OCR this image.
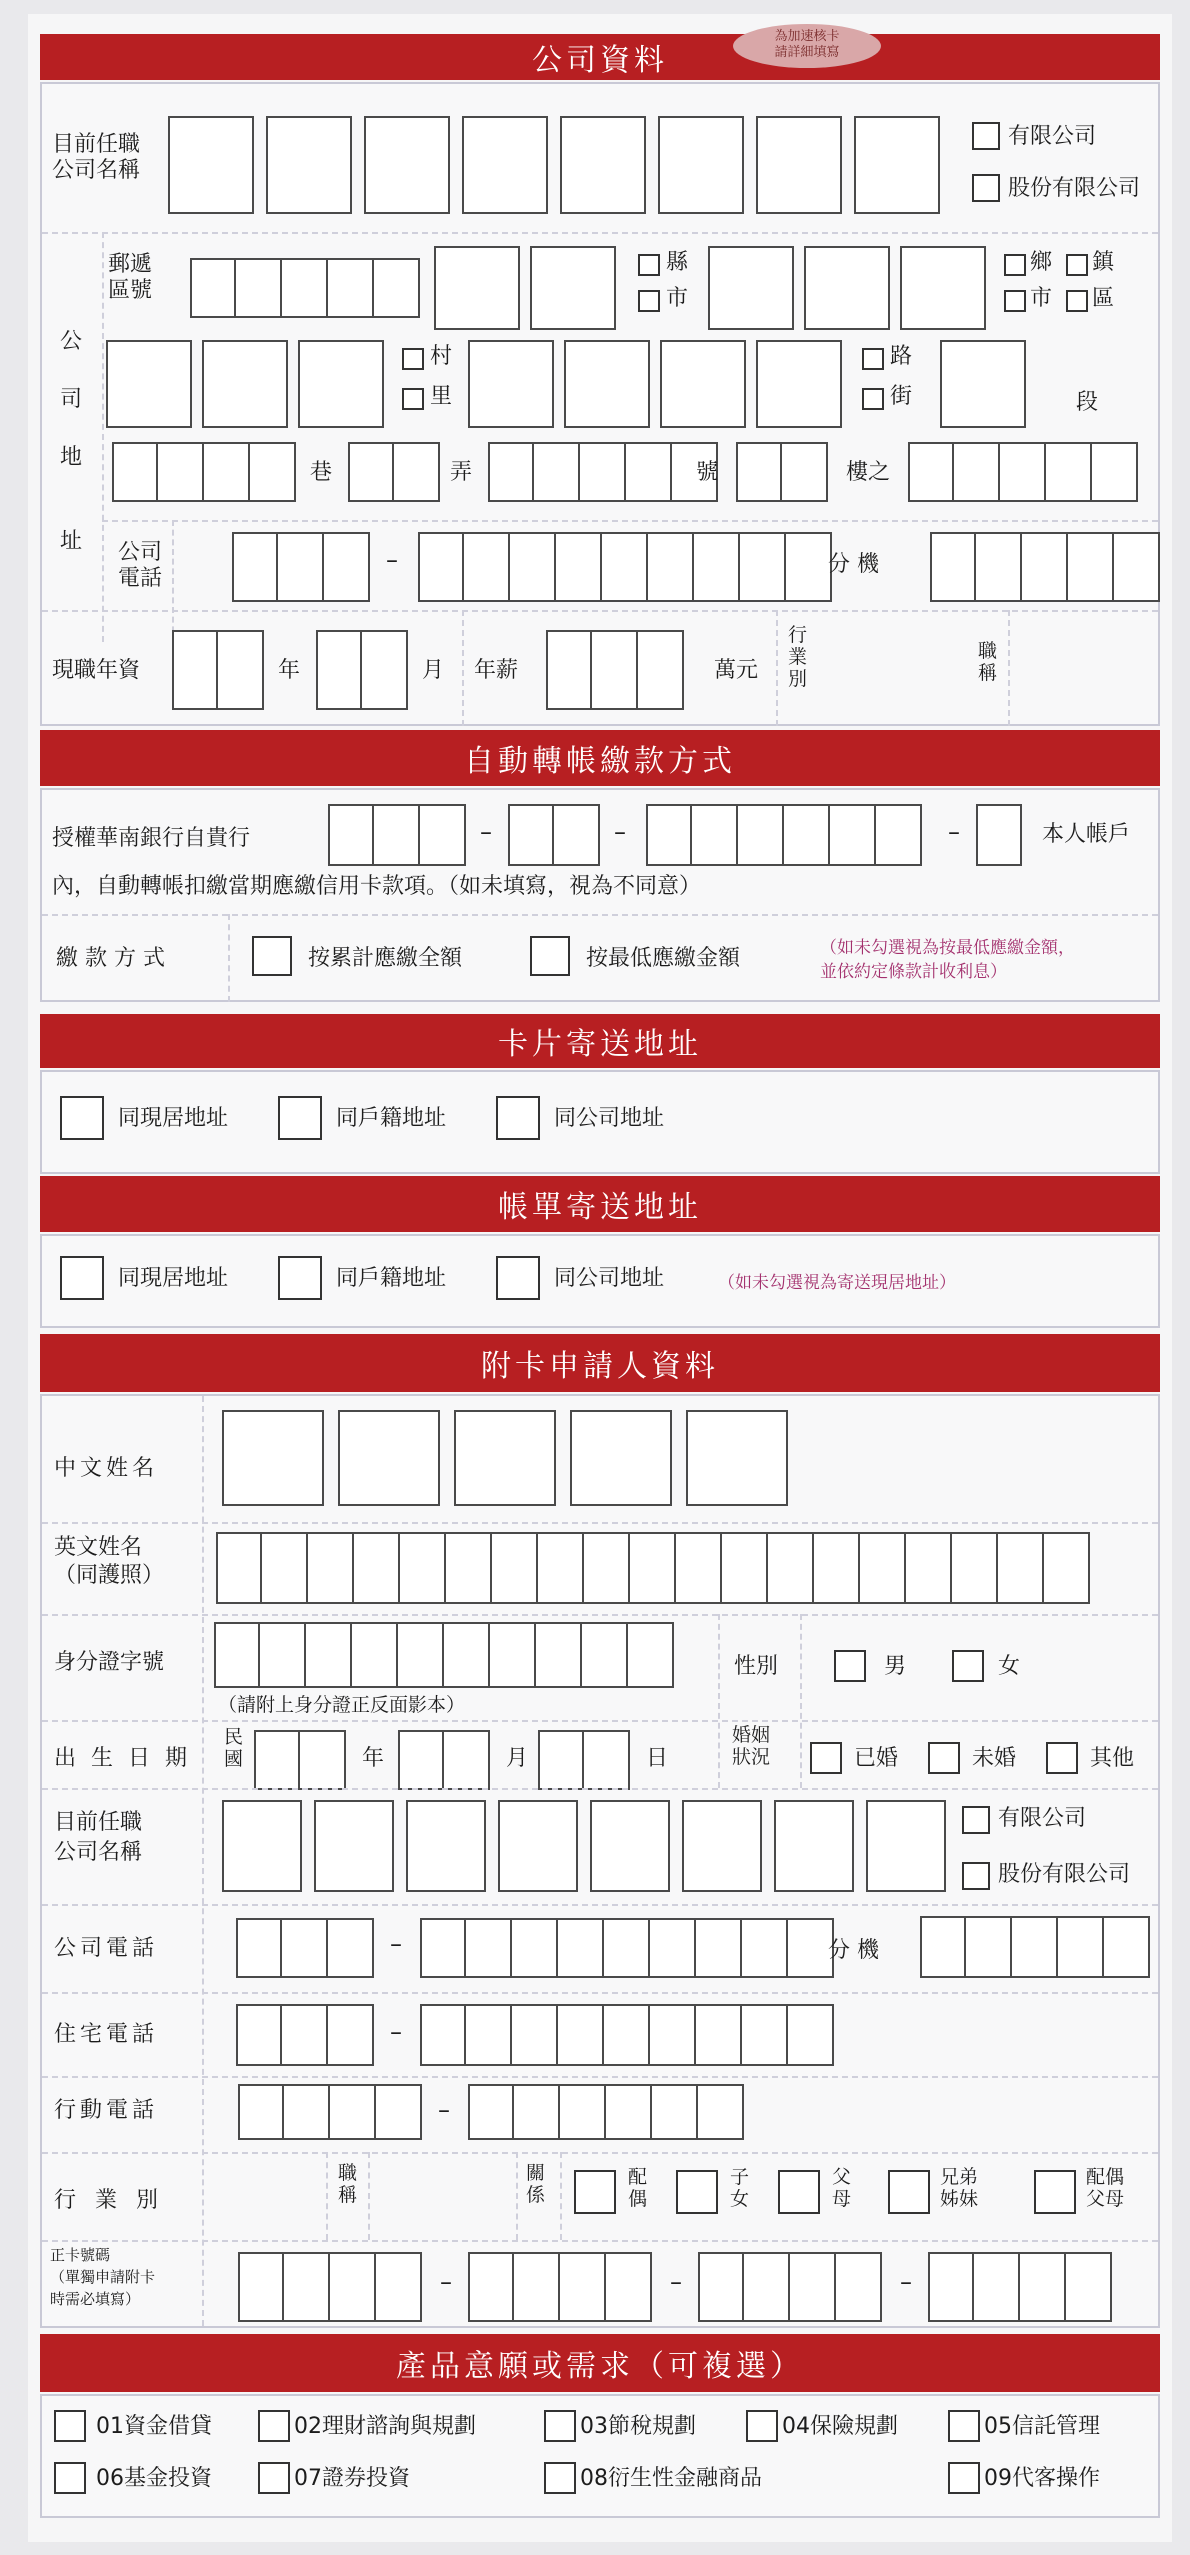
公司資料
為加速核卡
請詳細填寫
目前任職
公司名稱
有限公司
股份有限公司
公
司
地
址
郵遞
區號
縣
市
鄉 鎮
市 區
村
里
路
街	段
巷	弄	號	樓之
公司
電話
–	分 機
現職年資	年	月 年薪	萬元
行
業
別
職
稱
自動轉帳繳款方式
授權華南銀行自貴行	–	–	–	本人帳戶
內，自動轉帳扣繳當期應繳信用卡款項。（如未填寫，視為不同意）
繳 款 方 式	按累計應繳全額	按最低應繳金額	（如未勾選視為按最低應繳金額，
並依約定條款計收利息）
卡片寄送地址
同現居地址	同戶籍地址	同公司地址
帳單寄送地址
同現居地址	同戶籍地址	同公司地址	（如未勾選視為寄送現居地址）
附卡申請人資料
中文姓名
英文姓名
（同護照）
身分證字號
（請附上身分證正反面影本）
性別	男	女
出 生 日 期
民
國	年	月	日
婚姻
狀況	已婚	未婚	其他
目前任職
公司名稱
有限公司
股份有限公司
公司電話	–	分 機
住宅電話	–
行動電話	–
行 業 別
職
稱
關
係
配
偶
子
女
父
母
兄弟
姊妹
配偶
父母
正卡號碼
（單獨申請附卡
時需必填寫）
–	–	–
產品意願或需求（可複選）
01資金借貸	02理財諮詢與規劃	03節稅規劃	04保險規劃	05信託管理
06基金投資	07證券投資	08衍生性金融商品	09代客操作
